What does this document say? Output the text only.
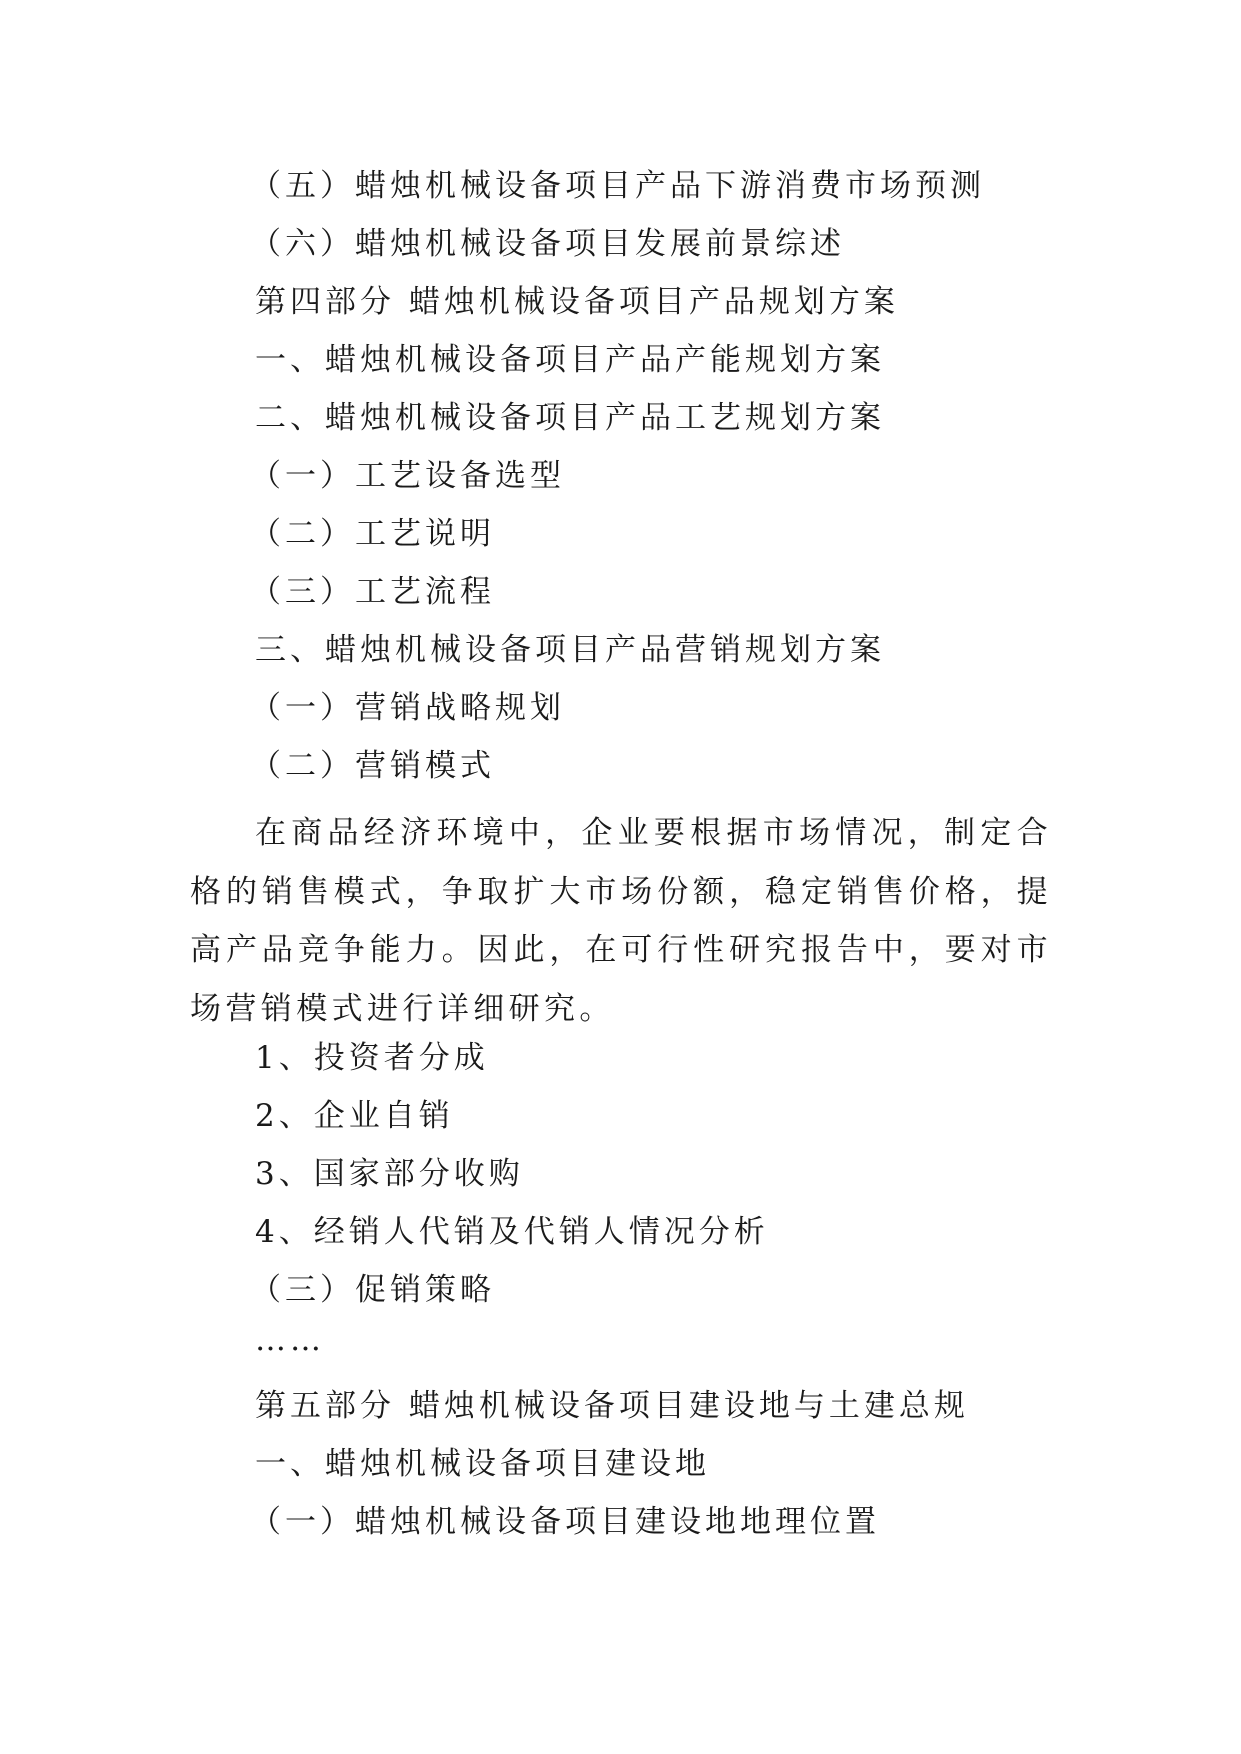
（五）蜡烛机械设备项目产品下游消费市场预测

（六）蜡烛机械设备项目发展前景综述

第四部分 蜡烛机械设备项目产品规划方案

一、蜡烛机械设备项目产品产能规划方案

二、蜡烛机械设备项目产品工艺规划方案

（一）工艺设备选型

（二）工艺说明

（三）工艺流程

三、蜡烛机械设备项目产品营销规划方案

（一）营销战略规划

（二）营销模式

在商品经济环境中，企业要根据市场情况，制定合格的销售模式，争取扩大市场份额，稳定销售价格，提高产品竞争能力。因此，在可行性研究报告中，要对市场营销模式进行详细研究。

1、投资者分成

2、企业自销

3、国家部分收购

4、经销人代销及代销人情况分析

（三）促销策略

……

第五部分 蜡烛机械设备项目建设地与土建总规

一、蜡烛机械设备项目建设地

（一）蜡烛机械设备项目建设地地理位置
